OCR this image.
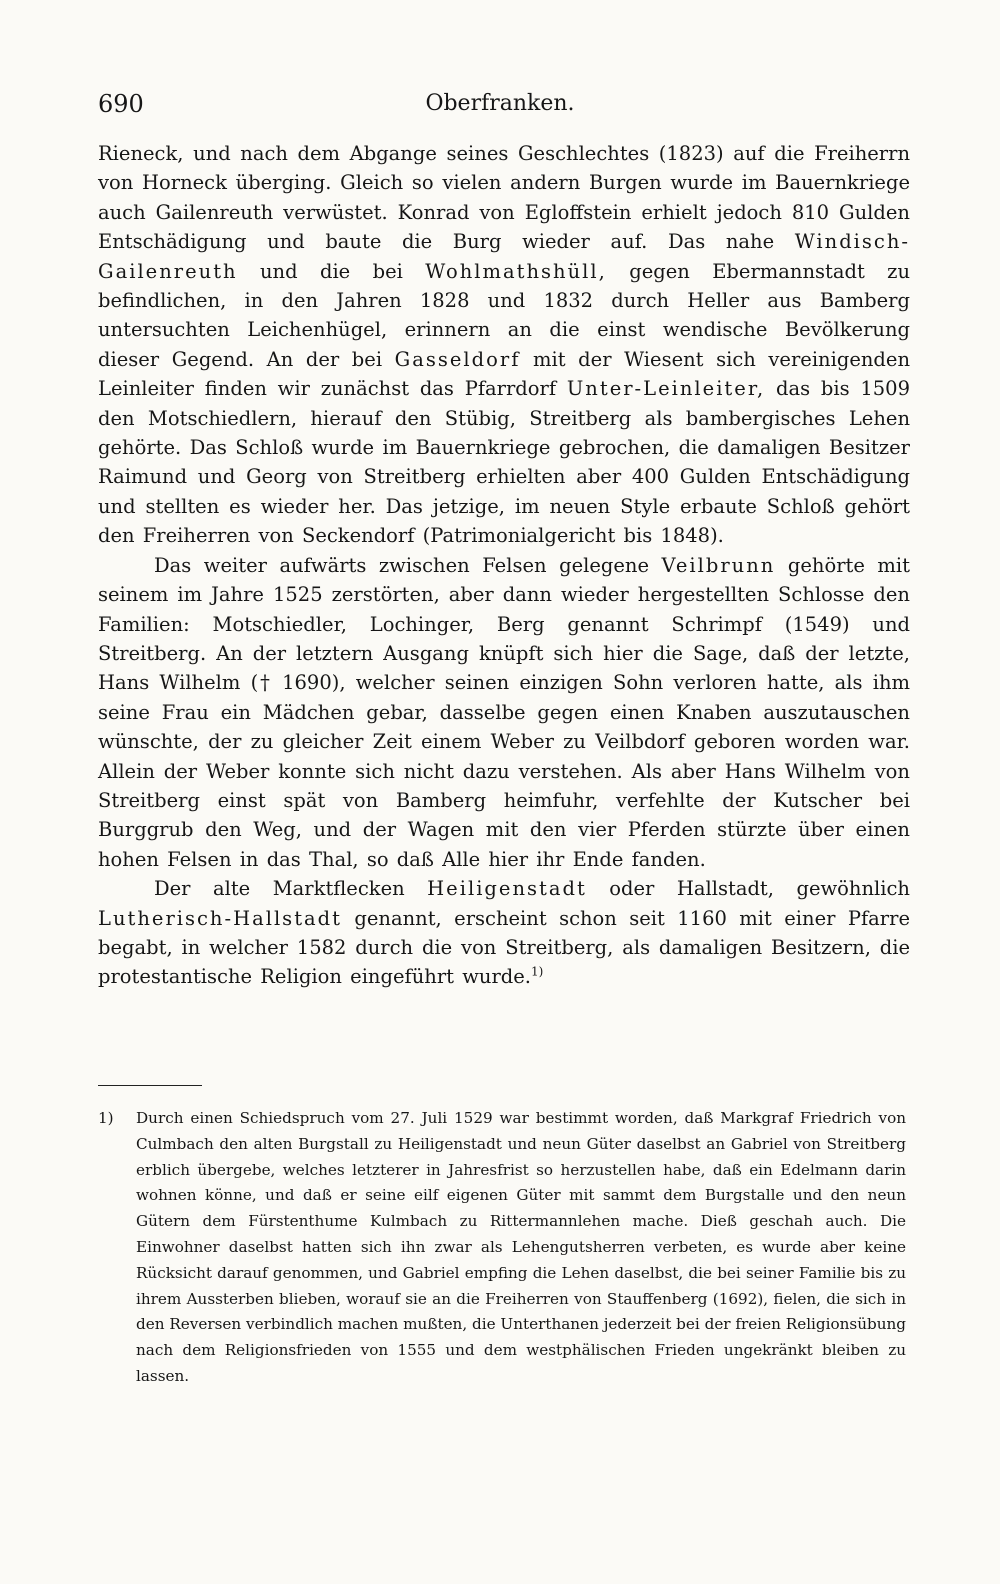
690	Oberfranken.

Rieneck, und nach dem Abgange seines Geschlechtes (1823) auf die Freiherrn von Horneck überging. Gleich so vielen andern Burgen wurde im Bauernkriege auch Gailenreuth verwüstet. Konrad von Egloffstein erhielt jedoch 810 Gulden Entschädigung und baute die Burg wieder auf. Das nahe Windisch-Gailenreuth und die bei Wohlmathshüll, gegen Ebermannstadt zu befindlichen, in den Jahren 1828 und 1832 durch Heller aus Bamberg untersuchten Leichenhügel, erinnern an die einst wendische Bevölkerung dieser Gegend. An der bei Gasseldorf mit der Wiesent sich vereinigenden Leinleiter finden wir zunächst das Pfarrdorf Unter-Leinleiter, das bis 1509 den Motschiedlern, hierauf den Stübig, Streitberg als bambergisches Lehen gehörte. Das Schloß wurde im Bauernkriege gebrochen, die damaligen Besitzer Raimund und Georg von Streitberg erhielten aber 400 Gulden Entschädigung und stellten es wieder her. Das jetzige, im neuen Style erbaute Schloß gehört den Freiherren von Seckendorf (Patrimonialgericht bis 1848).

Das weiter aufwärts zwischen Felsen gelegene Veilbrunn gehörte mit seinem im Jahre 1525 zerstörten, aber dann wieder hergestellten Schlosse den Familien: Motschiedler, Lochinger, Berg genannt Schrimpf (1549) und Streitberg. An der letztern Ausgang knüpft sich hier die Sage, daß der letzte, Hans Wilhelm († 1690), welcher seinen einzigen Sohn verloren hatte, als ihm seine Frau ein Mädchen gebar, dasselbe gegen einen Knaben auszutauschen wünschte, der zu gleicher Zeit einem Weber zu Veilbdorf geboren worden war. Allein der Weber konnte sich nicht dazu verstehen. Als aber Hans Wilhelm von Streitberg einst spät von Bamberg heimfuhr, verfehlte der Kutscher bei Burggrub den Weg, und der Wagen mit den vier Pferden stürzte über einen hohen Felsen in das Thal, so daß Alle hier ihr Ende fanden.

Der alte Marktflecken Heiligenstadt oder Hallstadt, gewöhnlich Lutherisch-Hallstadt genannt, erscheint schon seit 1160 mit einer Pfarre begabt, in welcher 1582 durch die von Streitberg, als damaligen Besitzern, die protestantische Religion eingeführt wurde.$^{1)}$

1) Durch einen Schiedspruch vom 27. Juli 1529 war bestimmt worden, daß Markgraf Friedrich von Culmbach den alten Burgstall zu Heiligenstadt und neun Güter daselbst an Gabriel von Streitberg erblich übergebe, welches letzterer in Jahresfrist so herzustellen habe, daß ein Edelmann darin wohnen könne, und daß er seine eilf eigenen Güter mit sammt dem Burgstalle und den neun Gütern dem Fürstenthume Kulmbach zu Rittermannlehen mache. Dieß geschah auch. Die Einwohner daselbst hatten sich ihn zwar als Lehengutsherren verbeten, es wurde aber keine Rücksicht darauf genommen, und Gabriel empfing die Lehen daselbst, die bei seiner Familie bis zu ihrem Aussterben blieben, worauf sie an die Freiherren von Stauffenberg (1692), fielen, die sich in den Reversen verbindlich machen mußten, die Unterthanen jederzeit bei der freien Religionsübung nach dem Religionsfrieden von 1555 und dem westphälischen Frieden ungekränkt bleiben zu lassen.
